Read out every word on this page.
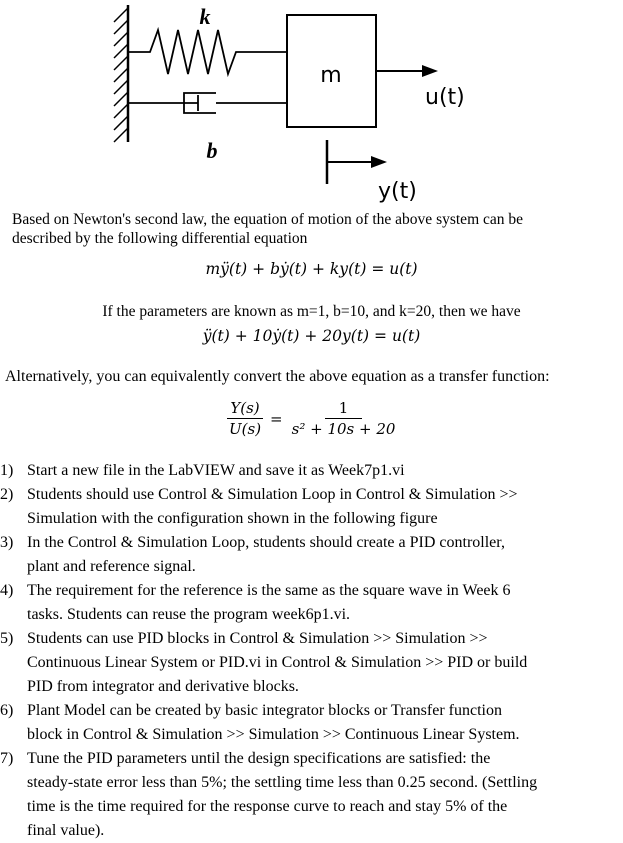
k
b
m
u(t)
y(t)
Based on Newton's second law, the equation of motion of the above system can be
described by the following differential equation
mÿ(t) + bẏ(t) + ky(t) = u(t)
If the parameters are known as m=1, b=10, and k=20, then we have
ÿ(t) + 10ẏ(t) + 20y(t) = u(t)
Alternatively, you can equivalently convert the above equation as a transfer function:
$\frac{Y(s)}{U(s)} = \frac{1}{\text{s² + 10s + 20}}$
1) Start a new file in the LabVIEW and save it as Week7p1.vi
2) Students should use Control & Simulation Loop in Control & Simulation >>
Simulation with the configuration shown in the following figure
3) In the Control & Simulation Loop, students should create a PID controller,
plant and reference signal.
4) The requirement for the reference is the same as the square wave in Week 6
tasks. Students can reuse the program week6p1.vi.
5) Students can use PID blocks in Control & Simulation >> Simulation >>
Continuous Linear System or PID.vi in Control & Simulation >> PID or build
PID from integrator and derivative blocks.
6) Plant Model can be created by basic integrator blocks or Transfer function
block in Control & Simulation >> Simulation >> Continuous Linear System.
7) Tune the PID parameters until the design specifications are satisfied: the
steady-state error less than 5%; the settling time less than 0.25 second. (Settling
time is the time required for the response curve to reach and stay 5% of the
final value).
